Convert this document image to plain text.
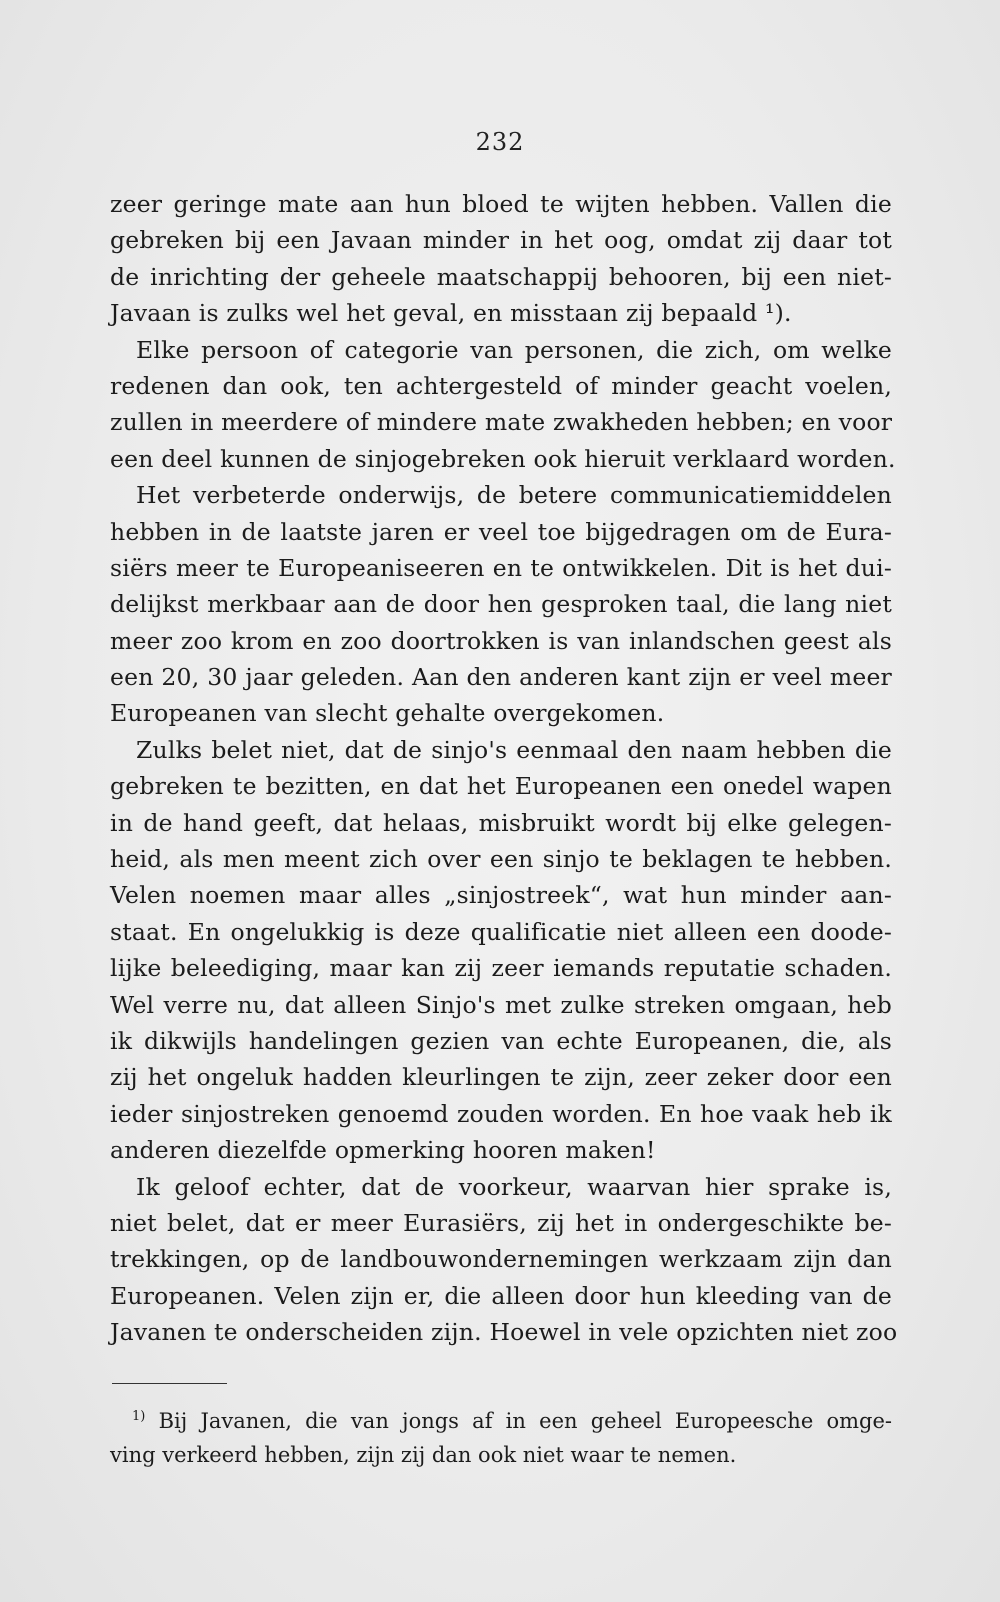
232
zeer geringe mate aan hun bloed te wijten hebben. Vallen die
gebreken bij een Javaan minder in het oog, omdat zij daar tot
de inrichting der geheele maatschappij behooren, bij een niet-
Javaan is zulks wel het geval, en misstaan zij bepaald ¹).
Elke persoon of categorie van personen, die zich, om welke
redenen dan ook, ten achtergesteld of minder geacht voelen,
zullen in meerdere of mindere mate zwakheden hebben; en voor
een deel kunnen de sinjogebreken ook hieruit verklaard worden.
Het verbeterde onderwijs, de betere communicatiemiddelen
hebben in de laatste jaren er veel toe bijgedragen om de Eura-
siërs meer te Europeaniseeren en te ontwikkelen. Dit is het dui-
delijkst merkbaar aan de door hen gesproken taal, die lang niet
meer zoo krom en zoo doortrokken is van inlandschen geest als
een 20, 30 jaar geleden. Aan den anderen kant zijn er veel meer
Europeanen van slecht gehalte overgekomen.
Zulks belet niet, dat de sinjo's eenmaal den naam hebben die
gebreken te bezitten, en dat het Europeanen een onedel wapen
in de hand geeft, dat helaas, misbruikt wordt bij elke gelegen-
heid, als men meent zich over een sinjo te beklagen te hebben.
Velen noemen maar alles „sinjostreek“, wat hun minder aan-
staat. En ongelukkig is deze qualificatie niet alleen een doode-
lijke beleediging, maar kan zij zeer iemands reputatie schaden.
Wel verre nu, dat alleen Sinjo's met zulke streken omgaan, heb
ik dikwijls handelingen gezien van echte Europeanen, die, als
zij het ongeluk hadden kleurlingen te zijn, zeer zeker door een
ieder sinjostreken genoemd zouden worden. En hoe vaak heb ik
anderen diezelfde opmerking hooren maken!
Ik geloof echter, dat de voorkeur, waarvan hier sprake is,
niet belet, dat er meer Eurasiërs, zij het in ondergeschikte be-
trekkingen, op de landbouwondernemingen werkzaam zijn dan
Europeanen. Velen zijn er, die alleen door hun kleeding van de
Javanen te onderscheiden zijn. Hoewel in vele opzichten niet zoo
$^{1)}$ Bij Javanen, die van jongs af in een geheel Europeesche omge-
ving verkeerd hebben, zijn zij dan ook niet waar te nemen.
